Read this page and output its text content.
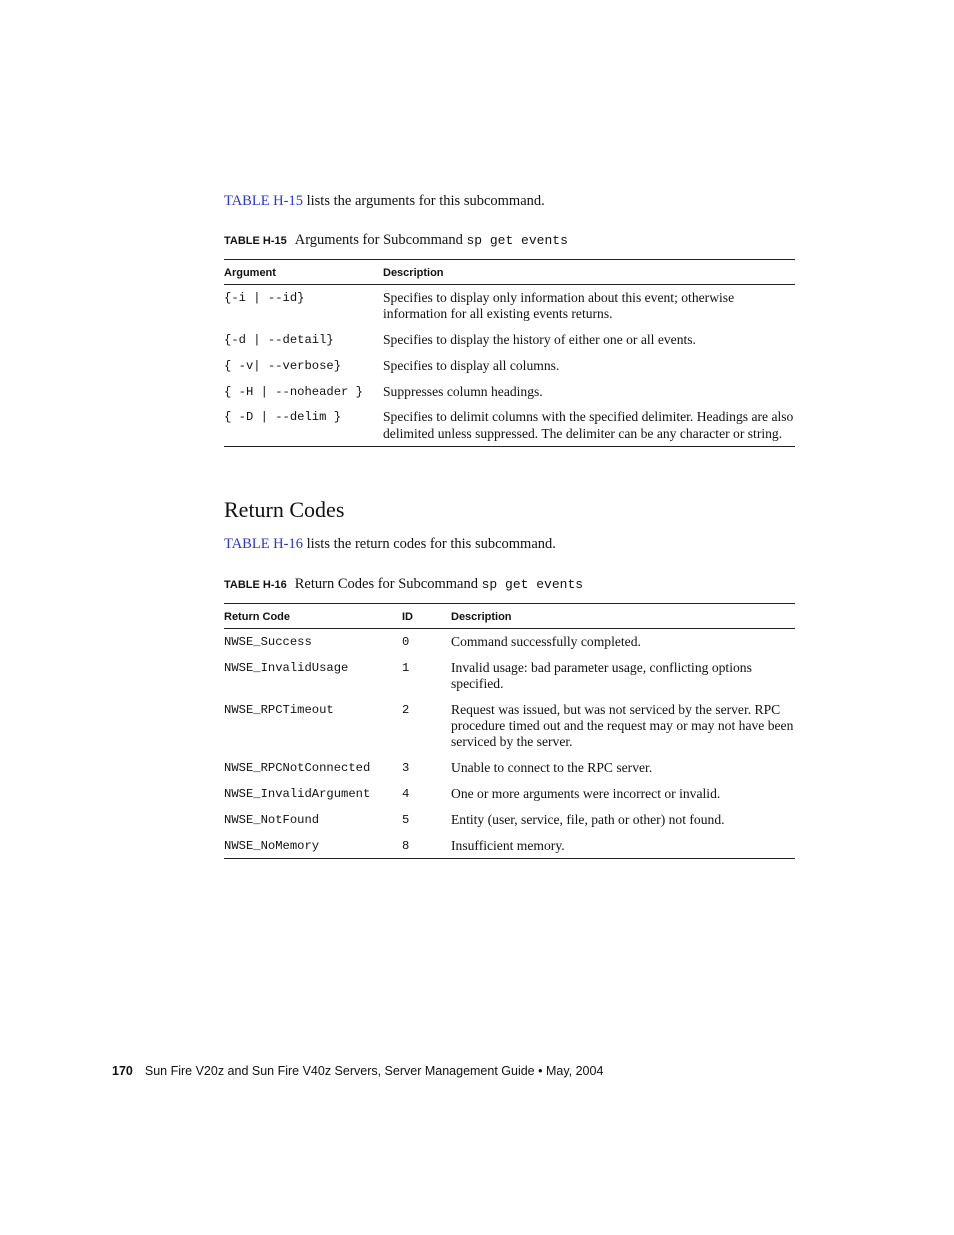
TABLE H-15 lists the arguments for this subcommand.
TABLE H-15 Arguments for Subcommand sp get events
Argument	Description
{-i | --id}	Specifies to display only information about this event; otherwise information for all existing events returns.
{-d | --detail}	Specifies to display the history of either one or all events.
{ -v| --verbose}	Specifies to display all columns.
{ -H | --noheader }	Suppresses column headings.
{ -D | --delim }	Specifies to delimit columns with the specified delimiter. Headings are also delimited unless suppressed. The delimiter can be any character or string.
Return Codes
TABLE H-16 lists the return codes for this subcommand.
TABLE H-16 Return Codes for Subcommand sp get events
Return Code	ID	Description
NWSE_Success	0	Command successfully completed.
NWSE_InvalidUsage	1	Invalid usage: bad parameter usage, conflicting options specified.
NWSE_RPCTimeout	2	Request was issued, but was not serviced by the server. RPC procedure timed out and the request may or may not have been serviced by the server.
NWSE_RPCNotConnected	3	Unable to connect to the RPC server.
NWSE_InvalidArgument	4	One or more arguments were incorrect or invalid.
NWSE_NotFound	5	Entity (user, service, file, path or other) not found.
NWSE_NoMemory	8	Insufficient memory.
170 Sun Fire V20z and Sun Fire V40z Servers, Server Management Guide • May, 2004
